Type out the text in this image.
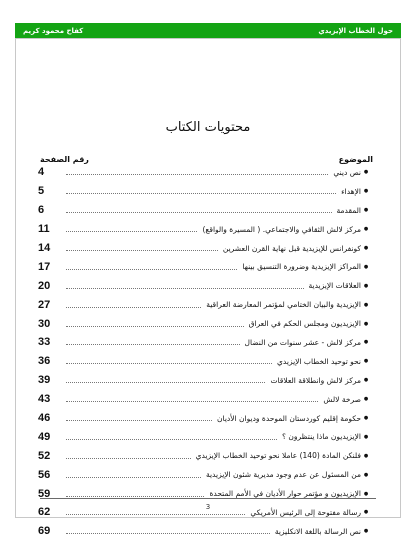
كفاح محمود كريم	حول الخطاب الإيزيدي
محتويات الكتاب
الموضوع
رقم الصفحة
●
نص ديني
4
●
الإهداء
5
●
المقدمة
6
●
مركز لالش الثقافي والاجتماعي. ( المسيرة والواقع)
11
●
كونفرانس للإيزيدية قبل نهاية القرن العشرين
14
●
المراكز الإيزيدية وضرورة التنسيق بينها
17
●
العلاقات الإيزيدية
20
●
الإيزيدية والبيان الختامي لمؤتمر المعارضة العراقية
27
●
الإيزيديون ومجلس الحكم في العراق
30
●
مركز لالش - عشر سنوات من النضال
33
●
نحو توحيد الخطاب الإيزيدي
36
●
مركز لالش وانطلاقة العلاقات
39
●
صرخة لالش
43
●
حكومة إقليم كوردستان الموحدة وديوان الأديان
46
●
الإيزيديون ماذا ينتظرون ؟
49
●
فلنكن المادة (140) عاملا نحو توحيد الخطاب الإيزيدي
52
●
من المسئول عن عدم وجود مديرية شئون الإيزيدية
56
●
الإيزيديون و مؤتمر حوار الأديان في الأمم المتحدة
59
●
رسالة مفتوحة إلى الرئيس الأمريكي
62
●
نص الرسالة باللغة الانكليزية
69
3
